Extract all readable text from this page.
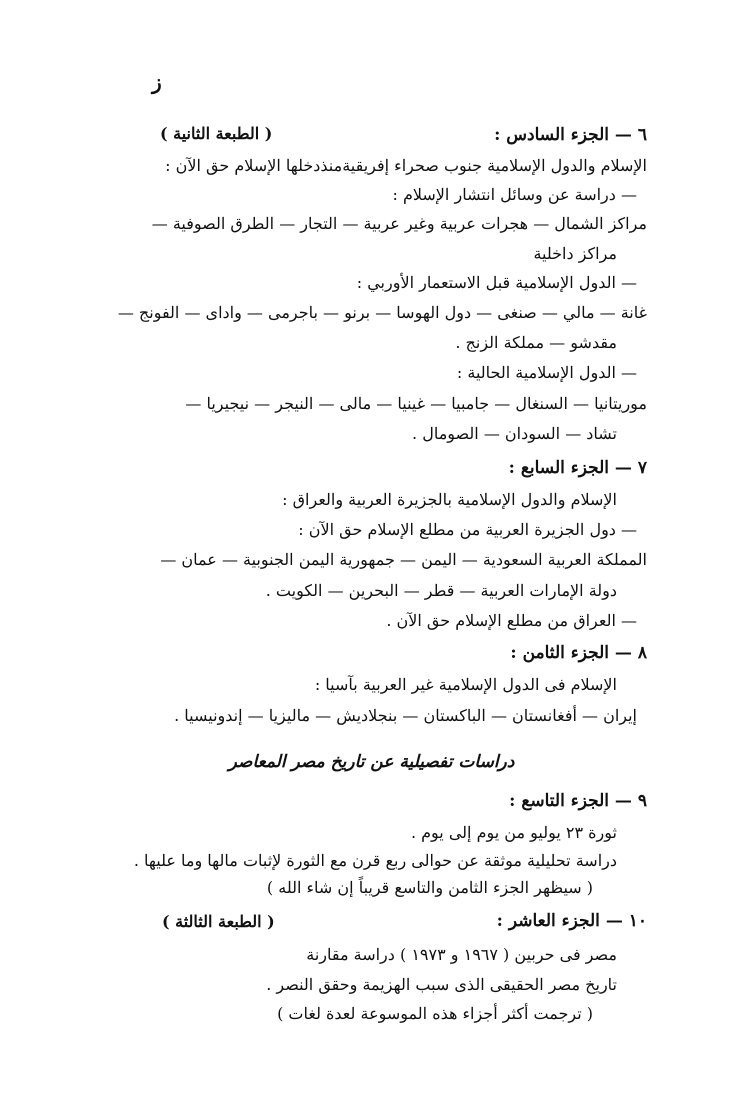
ز
٦ — الجزء السادس :
( الطبعة الثانية )
الإسلام والدول الإسلامية جنوب صحراء إفريقيةمنذدخلها الإسلام حق الآن :
— دراسة عن وسائل انتشار الإسلام :
مراكز الشمال — هجرات عربية وغير عربية — التجار — الطرق الصوفية —
مراكز داخلية
— الدول الإسلامية قبل الاستعمار الأوربي :
غانة — مالي — صنغى — دول الهوسا — برنو — باجرمى — واداى — الفونج —
مقدشو — مملكة الزنج .
— الدول الإسلامية الحالية :
موريتانيا — السنغال — جامبيا — غينيا — مالى — النيجر — نيجيريا —
تشاد — السودان — الصومال .
٧ — الجزء السابع :
الإسلام والدول الإسلامية بالجزيرة العربية والعراق :
— دول الجزيرة العربية من مطلع الإسلام حق الآن :
المملكة العربية السعودية — اليمن — جمهورية اليمن الجنوبية — عمان —
دولة الإمارات العربية — قطر — البحرين — الكويت .
— العراق من مطلع الإسلام حق الآن .
٨ — الجزء الثامن :
الإسلام فى الدول الإسلامية غير العربية بآسيا :
إيران — أفغانستان — الباكستان — بنجلاديش — ماليزيا — إندونيسيا .
دراسات تفصيلية عن تاريخ مصر المعاصر
٩ — الجزء التاسع :
ثورة ٢٣ يوليو من يوم إلى يوم .
دراسة تحليلية موثقة عن حوالى ربع قرن مع الثورة لإثبات مالها وما عليها .
( سيظهر الجزء الثامن والتاسع قريباً إن شاء الله )
١٠ — الجزء العاشر :
( الطبعة الثالثة )
مصر فى حربين ( ١٩٦٧ و ١٩٧٣ ) دراسة مقارنة
تاريخ مصر الحقيقى الذى سبب الهزيمة وحقق النصر .
( ترجمت أكثر أجزاء هذه الموسوعة لعدة لغات )
